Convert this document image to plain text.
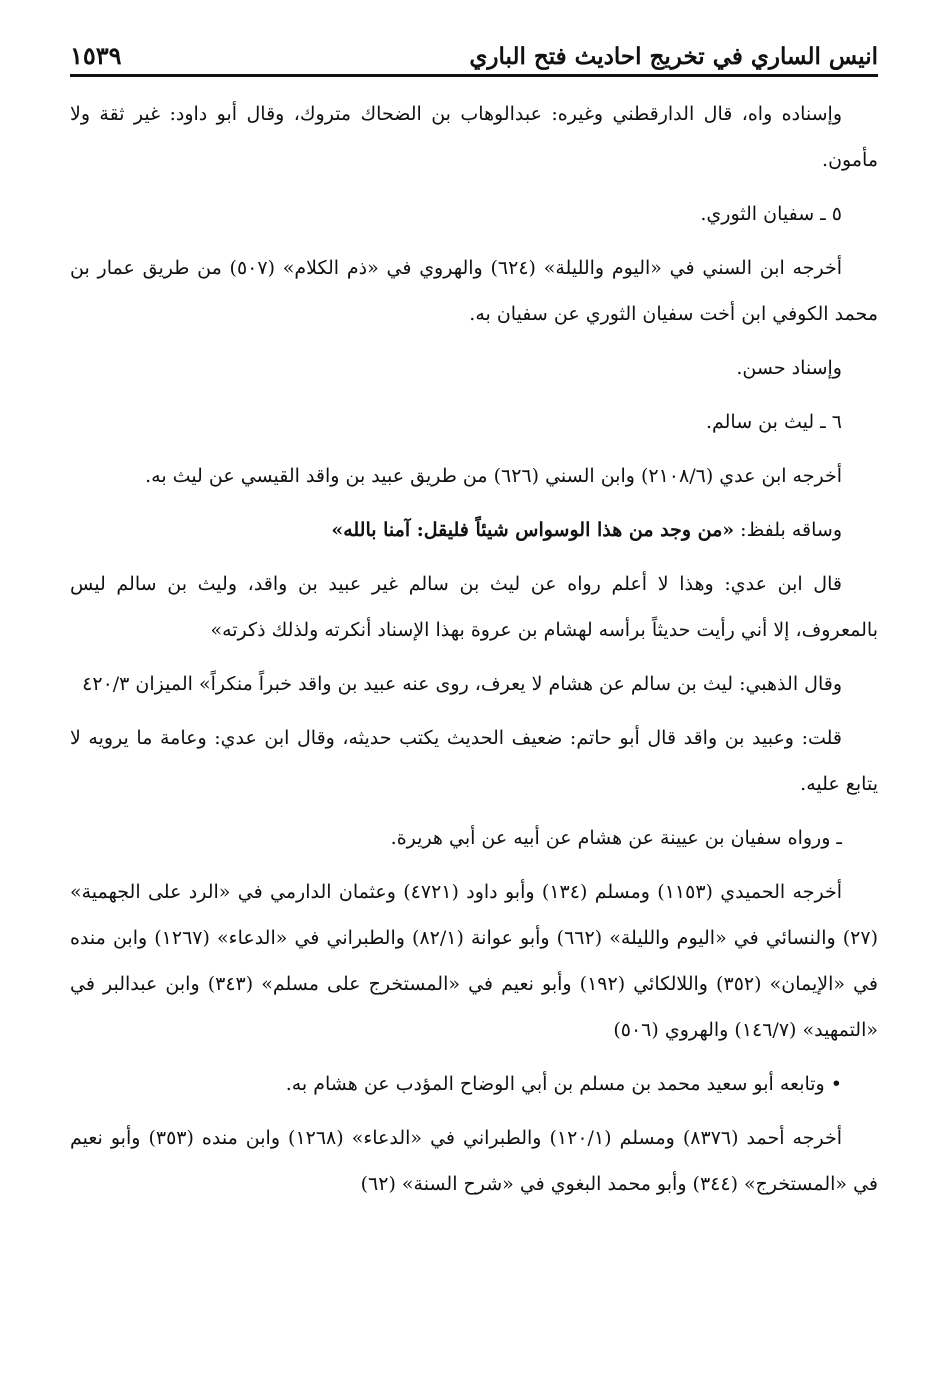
انيس الساري في تخريج احاديث فتح الباري
١٥٣٩

وإسناده واه، قال الدارقطني وغيره: عبدالوهاب بن الضحاك متروك، وقال أبو داود: غير ثقة ولا مأمون.

٥ ـ سفيان الثوري.

أخرجه ابن السني في «اليوم والليلة» (٦٢٤) والهروي في «ذم الكلام» (٥٠٧) من طريق عمار بن محمد الكوفي ابن أخت سفيان الثوري عن سفيان به.

وإسناد حسن.

٦ ـ ليث بن سالم.

أخرجه ابن عدي (٢١٠٨/٦) وابن السني (٦٢٦) من طريق عبيد بن واقد القيسي عن ليث به.

وساقه بلفظ: «من وجد من هذا الوسواس شيئاً فليقل: آمنا بالله»

قال ابن عدي: وهذا لا أعلم رواه عن ليث بن سالم غير عبيد بن واقد، وليث بن سالم ليس بالمعروف، إلا أني رأيت حديثاً برأسه لهشام بن عروة بهذا الإسناد أنكرته ولذلك ذكرته»

وقال الذهبي: ليث بن سالم عن هشام لا يعرف، روى عنه عبيد بن واقد خبراً منكراً» الميزان ٤٢٠/٣

قلت: وعبيد بن واقد قال أبو حاتم: ضعيف الحديث يكتب حديثه، وقال ابن عدي: وعامة ما يرويه لا يتابع عليه.

ـ ورواه سفيان بن عيينة عن هشام عن أبيه عن أبي هريرة.

أخرجه الحميدي (١١٥٣) ومسلم (١٣٤) وأبو داود (٤٧٢١) وعثمان الدارمي في «الرد على الجهمية» (٢٧) والنسائي في «اليوم والليلة» (٦٦٢) وأبو عوانة (٨٢/١) والطبراني في «الدعاء» (١٢٦٧) وابن منده في «الإيمان» (٣٥٢) واللالكائي (١٩٢) وأبو نعيم في «المستخرج على مسلم» (٣٤٣) وابن عبدالبر في «التمهيد» (١٤٦/٧) والهروي (٥٠٦)

• وتابعه أبو سعيد محمد بن مسلم بن أبي الوضاح المؤدب عن هشام به.

أخرجه أحمد (٨٣٧٦) ومسلم (١٢٠/١) والطبراني في «الدعاء» (١٢٦٨) وابن منده (٣٥٣) وأبو نعيم في «المستخرج» (٣٤٤) وأبو محمد البغوي في «شرح السنة» (٦٢)
